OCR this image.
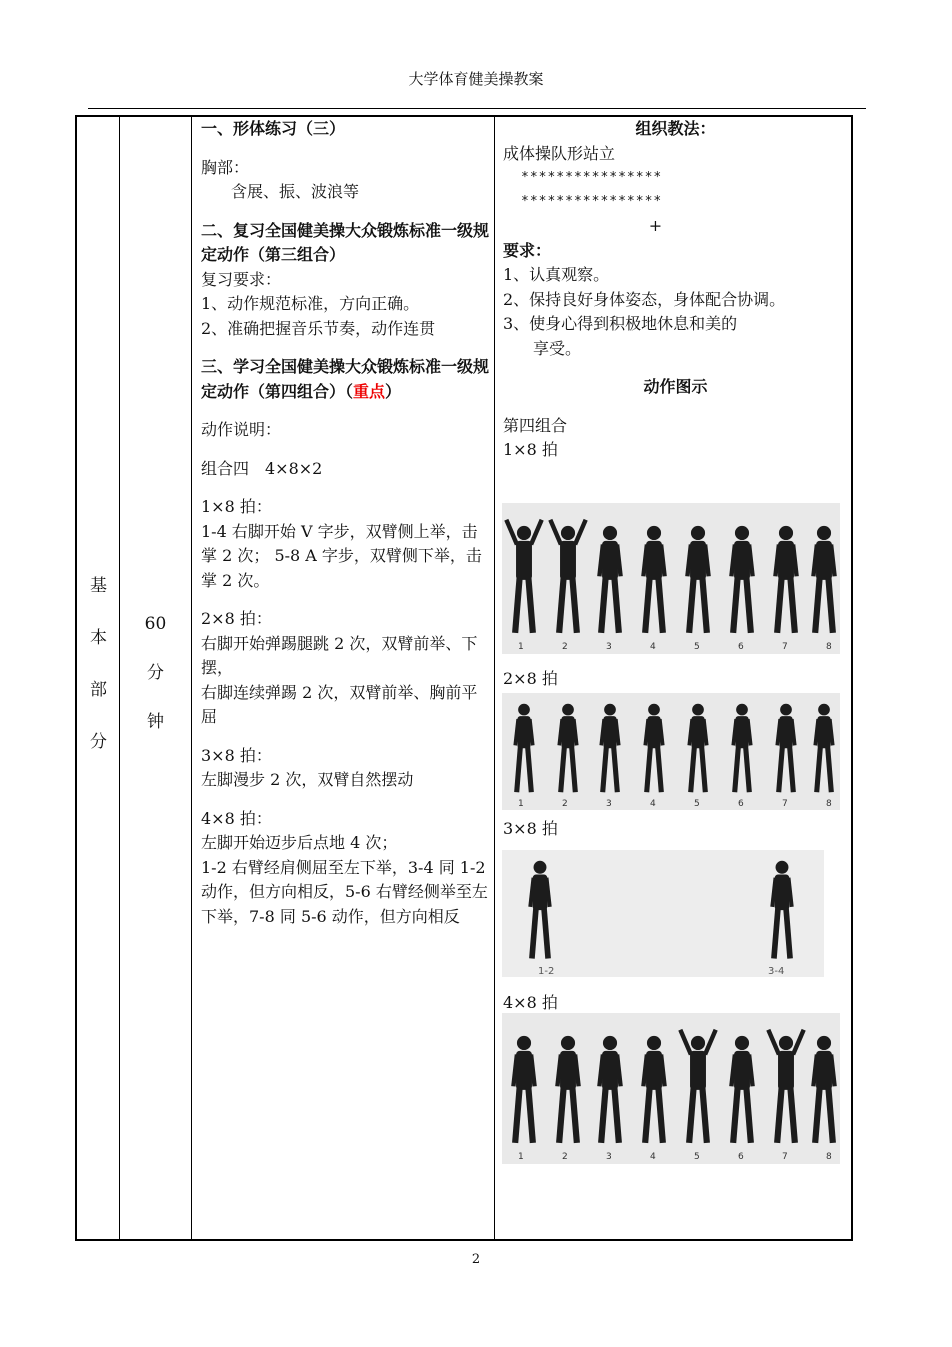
大学体育健美操教案
基
本
部
分
60
分
钟
一、形体练习（三）
胸部：
含展、振、波浪等
二、复习全国健美操大众锻炼标准一级规定动作（第三组合）
复习要求：
1、动作规范标准，方向正确。
2、准确把握音乐节奏，动作连贯
三、学习全国健美操大众锻炼标准一级规定动作（第四组合）（重点）
动作说明：
组合四　4×8×2
1×8 拍：
1-4 右脚开始 V 字步，双臂侧上举，击掌 2 次； 5-8 A 字步，双臂侧下举，击掌 2 次。
2×8 拍：
右脚开始弹踢腿跳 2 次，双臂前举、下摆，
右脚连续弹踢 2 次，双臂前举、胸前平屈
3×8 拍：
左脚漫步 2 次，双臂自然摆动
4×8 拍：
左脚开始迈步后点地 4 次；
1-2 右臂经肩侧屈至左下举，3-4 同 1-2 动作，但方向相反，5-6 右臂经侧举至左下举，7-8 同 5-6 动作，但方向相反
组织教法：
成体操队形站立
****************
****************
+
要求：
1、认真观察。
2、保持良好身体姿态，身体配合协调。
3、使身心得到积极地休息和美的
享受。
动作图示
第四组合
1×8 拍
2×8 拍
3×8 拍
4×8 拍
1	2	3	4	5	6	7	8
1	2	3	4	5	6	7	8
1-2	3-4
1	2	3	4	5	6	7	8
2
